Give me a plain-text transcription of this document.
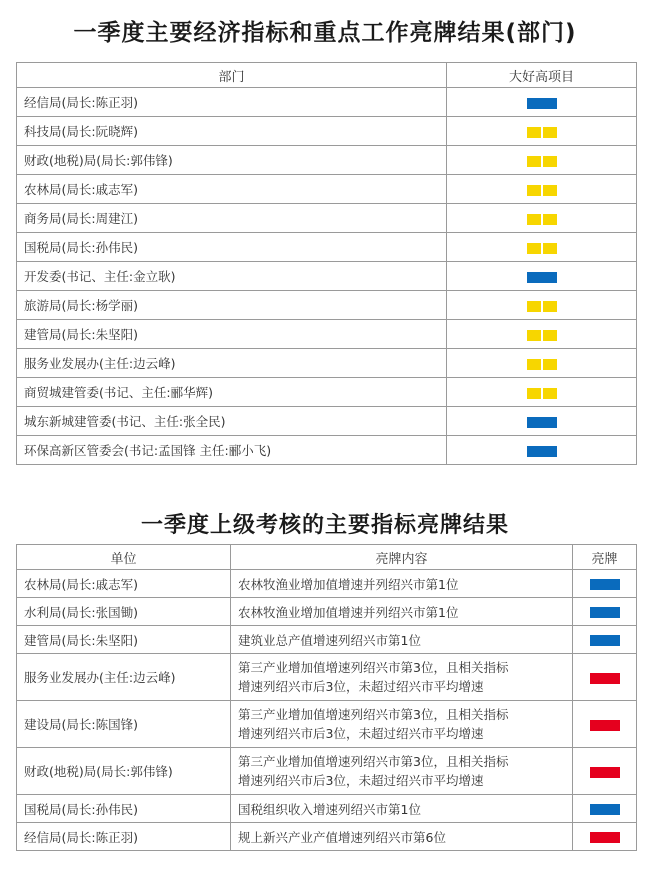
一季度主要经济指标和重点工作亮牌结果(部门)
部门	大好高项目
经信局(局长:陈正羽)	
科技局(局长:阮晓辉)	
财政(地税)局(局长:郭伟锋)	
农林局(局长:戚志军)	
商务局(局长:周建江)	
国税局(局长:孙伟民)	
开发委(书记、主任:金立耿)	
旅游局(局长:杨学丽)	
建管局(局长:朱坚阳)	
服务业发展办(主任:边云峰)	
商贸城建管委(书记、主任:郦华辉)	
城东新城建管委(书记、主任:张全民)	
环保高新区管委会(书记:孟国锋 主任:郦小飞)	
一季度上级考核的主要指标亮牌结果
单位	亮牌内容	亮牌
农林局(局长:戚志军)	农林牧渔业增加值增速并列绍兴市第1位	

水利局(局长:张国锄)	农林牧渔业增加值增速并列绍兴市第1位	

建管局(局长:朱坚阳)	建筑业总产值增速列绍兴市第1位	

服务业发展办(主任:边云峰)	第三产业增加值增速列绍兴市第3位，且相关指标
增速列绍兴市后3位，未超过绍兴市平均增速	

建设局(局长:陈国锋)	第三产业增加值增速列绍兴市第3位，且相关指标
增速列绍兴市后3位，未超过绍兴市平均增速	

财政(地税)局(局长:郭伟锋)	第三产业增加值增速列绍兴市第3位，且相关指标
增速列绍兴市后3位，未超过绍兴市平均增速	

国税局(局长:孙伟民)	国税组织收入增速列绍兴市第1位	

经信局(局长:陈正羽)	规上新兴产业产值增速列绍兴市第6位	
